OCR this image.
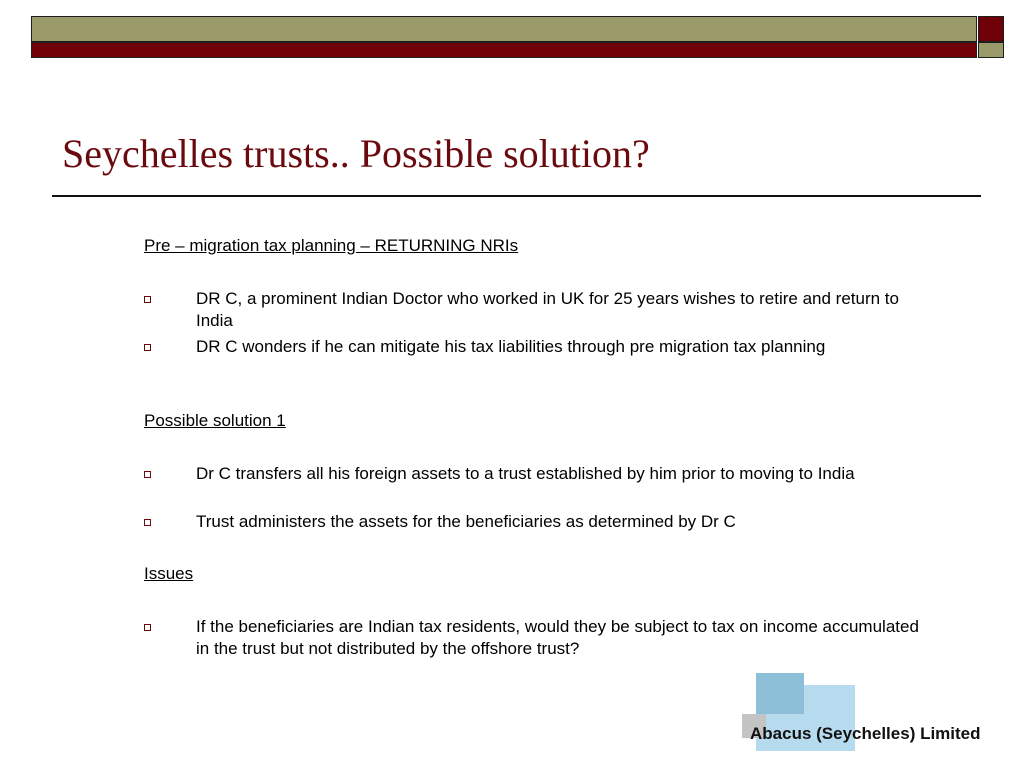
Seychelles trusts.. Possible solution?
Pre – migration tax planning – RETURNING NRIs
DR C, a prominent Indian Doctor who worked in UK for 25 years wishes to retire and return to India
DR C wonders if he can mitigate his tax liabilities through pre migration tax planning
Possible solution 1
Dr C transfers all his foreign assets to a trust established by him prior to moving to India
Trust administers the assets for the beneficiaries as determined by Dr C
Issues
If the beneficiaries are Indian tax residents, would they be subject to tax on income accumulated in the trust but not distributed by the offshore trust?
Abacus (Seychelles) Limited
